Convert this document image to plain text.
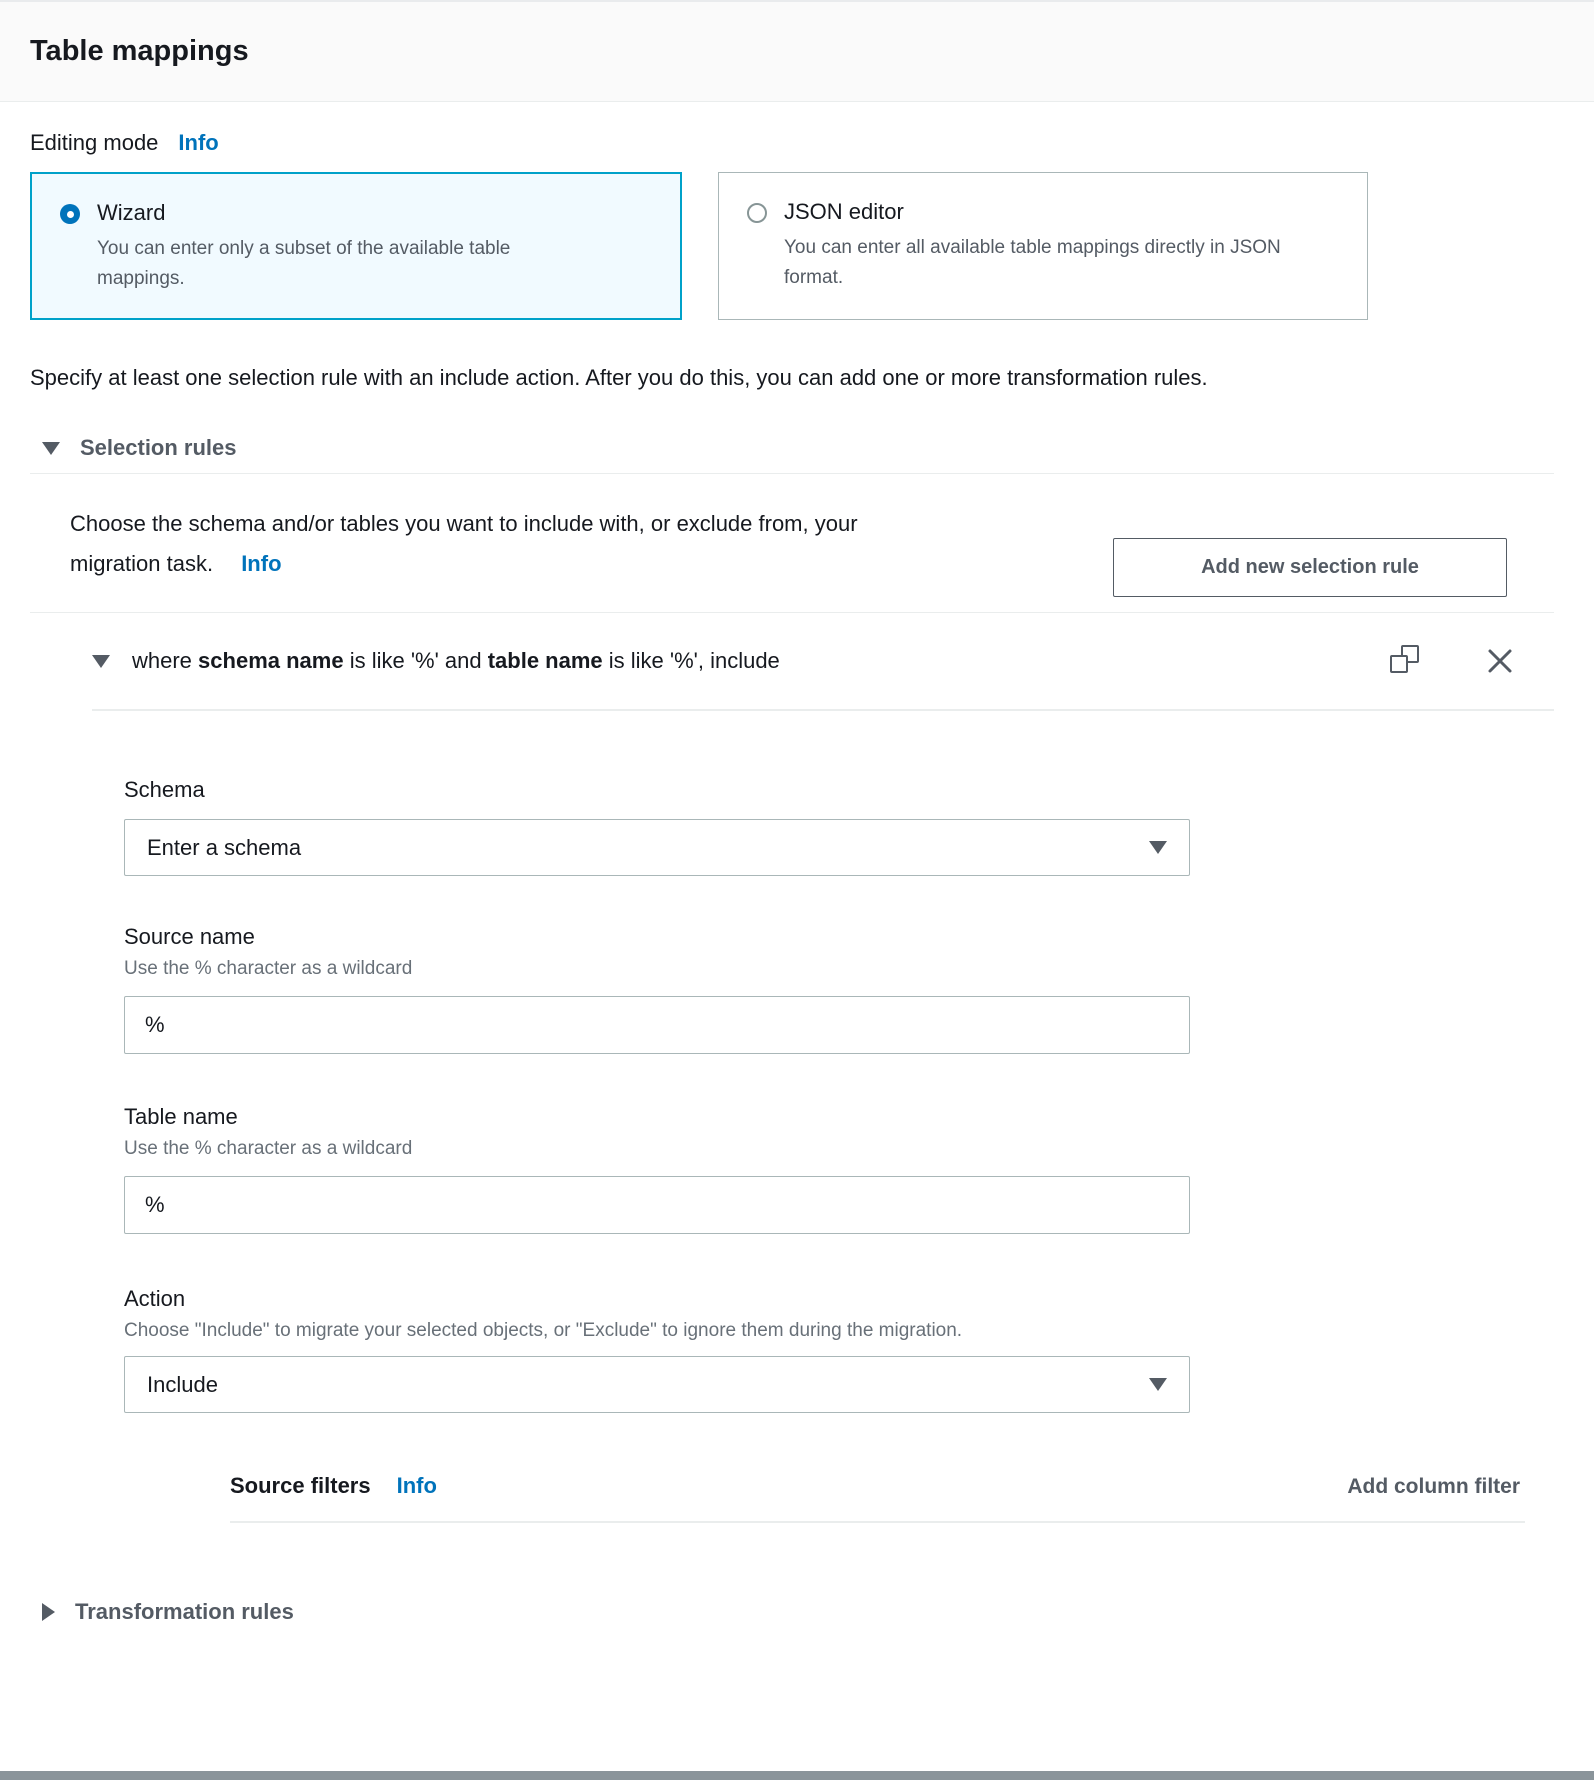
Table mappings
Editing mode Info
Wizard
You can enter only a subset of the available table mappings.
JSON editor
You can enter all available table mappings directly in JSON format.

Specify at least one selection rule with an include action. After you do this, you can add one or more transformation rules.

Selection rules
Choose the schema and/or tables you want to include with, or exclude from, your migration task. Info	Add new selection rule
where schema name is like '%' and table name is like '%', include
Schema
Enter a schema
Source name
Use the % character as a wildcard
%
Table name
Use the % character as a wildcard
%
Action
Choose "Include" to migrate your selected objects, or "Exclude" to ignore them during the migration.
Include
Source filters Info	Add column filter
Transformation rules
